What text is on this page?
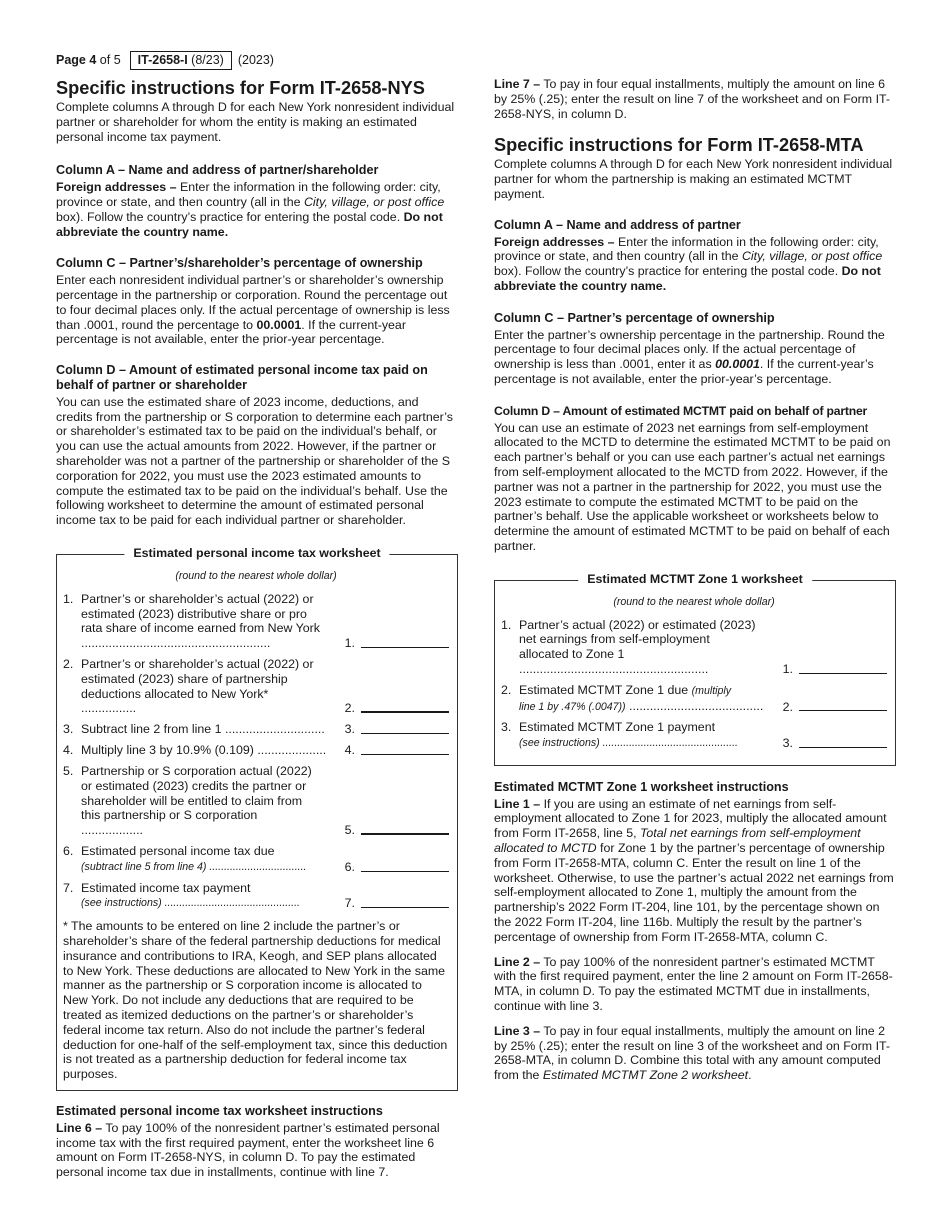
Page 4 of 5	IT-2658-I (8/23)	(2023)
Specific instructions for Form IT-2658-NYS

Complete columns A through D for each New York nonresident individual partner or shareholder for whom the entity is making an estimated personal income tax payment.

Column A – Name and address of partner/shareholder

Foreign addresses – Enter the information in the following order: city, province or state, and then country (all in the City, village, or post office box). Follow the country’s practice for entering the postal code. Do not abbreviate the country name.

Column C – Partner’s/shareholder’s percentage of ownership

Enter each nonresident individual partner’s or shareholder’s ownership percentage in the partnership or corporation. Round the percentage out to four decimal places only. If the actual percentage of ownership is less than .0001, round the percentage to 00.0001. If the current-year percentage is not available, enter the prior-year percentage.

Column D – Amount of estimated personal income tax paid on behalf of partner or shareholder

You can use the estimated share of 2023 income, deductions, and credits from the partnership or S corporation to determine each partner’s or shareholder’s estimated tax to be paid on the individual’s behalf, or you can use the actual amounts from 2022. However, if the partner or shareholder was not a partner of the partnership or shareholder of the S corporation for 2022, you must use the 2023 estimated amounts to compute the estimated tax to be paid on the individual’s behalf. Use the following worksheet to determine the amount of estimated personal income tax to be paid for each individual partner or shareholder.

Estimated personal income tax worksheet
(round to the nearest whole dollar)
1. Partner’s or shareholder’s actual (2022) or estimated (2023) distributive share or pro rata share of income earned from New York .......................................................	1.
2. Partner’s or shareholder’s actual (2022) or estimated (2023) share of partnership deductions allocated to New York* ................	2.
3. Subtract line 2 from line 1 .............................	3.
4. Multiply line 3 by 10.9% (0.109) ....................	4.
5. Partnership or S corporation actual (2022) or estimated (2023) credits the partner or shareholder will be entitled to claim from this partnership or S corporation ..................	5.
6. Estimated personal income tax due
(subtract line 5 from line 4) .................................	6.
7. Estimated income tax payment
(see instructions) ..............................................	7.

* The amounts to be entered on line 2 include the partner’s or shareholder’s share of the federal partnership deductions for medical insurance and contributions to IRA, Keogh, and SEP plans allocated to New York. These deductions are allocated to New York in the same manner as the partnership or S corporation income is allocated to New York. Do not include any deductions that are required to be treated as itemized deductions on the partner’s or shareholder’s federal income tax return. Also do not include the partner’s federal deduction for one-half of the self-employment tax, since this deduction is not treated as a partnership deduction for federal income tax purposes.

Estimated personal income tax worksheet instructions

Line 6 – To pay 100% of the nonresident partner’s estimated personal income tax with the first required payment, enter the worksheet line 6 amount on Form IT-2658-NYS, in column D. To pay the estimated personal income tax due in installments, continue with line 7.

Line 7 – To pay in four equal installments, multiply the amount on line 6 by 25% (.25); enter the result on line 7 of the worksheet and on Form IT-2658-NYS, in column D.

Specific instructions for Form IT-2658-MTA

Complete columns A through D for each New York nonresident individual partner for whom the partnership is making an estimated MCTMT payment.

Column A – Name and address of partner

Foreign addresses – Enter the information in the following order: city, province or state, and then country (all in the City, village, or post office box). Follow the country’s practice for entering the postal code. Do not abbreviate the country name.

Column C – Partner’s percentage of ownership

Enter the partner’s ownership percentage in the partnership. Round the percentage to four decimal places only. If the actual percentage of ownership is less than .0001, enter it as 00.0001. If the current-year’s percentage is not available, enter the prior-year’s percentage.

Column D – Amount of estimated MCTMT paid on behalf of partner

You can use an estimate of 2023 net earnings from self-employment allocated to the MCTD to determine the estimated MCTMT to be paid on each partner’s behalf or you can use each partner’s actual net earnings from self-employment allocated to the MCTD from 2022. However, if the partner was not a partner in the partnership for 2022, you must use the 2023 estimate to compute the estimated MCTMT to be paid on the partner’s behalf. Use the applicable worksheet or worksheets below to determine the amount of estimated MCTMT to be paid on behalf of each partner.

Estimated MCTMT Zone 1 worksheet
(round to the nearest whole dollar)
1. Partner’s actual (2022) or estimated (2023) net earnings from self-employment allocated to Zone 1 .......................................................	1.
2. Estimated MCTMT Zone 1 due (multiply
line 1 by .47% (.0047)) .......................................	2.
3. Estimated MCTMT Zone 1 payment
(see instructions) ..............................................	3.
Estimated MCTMT Zone 1 worksheet instructions

Line 1 – If you are using an estimate of net earnings from self-employment allocated to Zone 1 for 2023, multiply the allocated amount from Form IT-2658, line 5, Total net earnings from self-employment allocated to MCTD for Zone 1 by the partner’s percentage of ownership from Form IT-2658-MTA, column C. Enter the result on line 1 of the worksheet. Otherwise, to use the partner’s actual 2022 net earnings from self-employment allocated to Zone 1, multiply the amount from the partnership’s 2022 Form IT-204, line 101, by the percentage shown on the 2022 Form IT-204, line 116b. Multiply the result by the partner’s percentage of ownership from Form IT-2658-MTA, column C.

Line 2 – To pay 100% of the nonresident partner’s estimated MCTMT with the first required payment, enter the line 2 amount on Form IT-2658-MTA, in column D. To pay the estimated MCTMT due in installments, continue with line 3.

Line 3 – To pay in four equal installments, multiply the amount on line 2 by 25% (.25); enter the result on line 3 of the worksheet and on Form IT-2658-MTA, in column D. Combine this total with any amount computed from the Estimated MCTMT Zone 2 worksheet.
